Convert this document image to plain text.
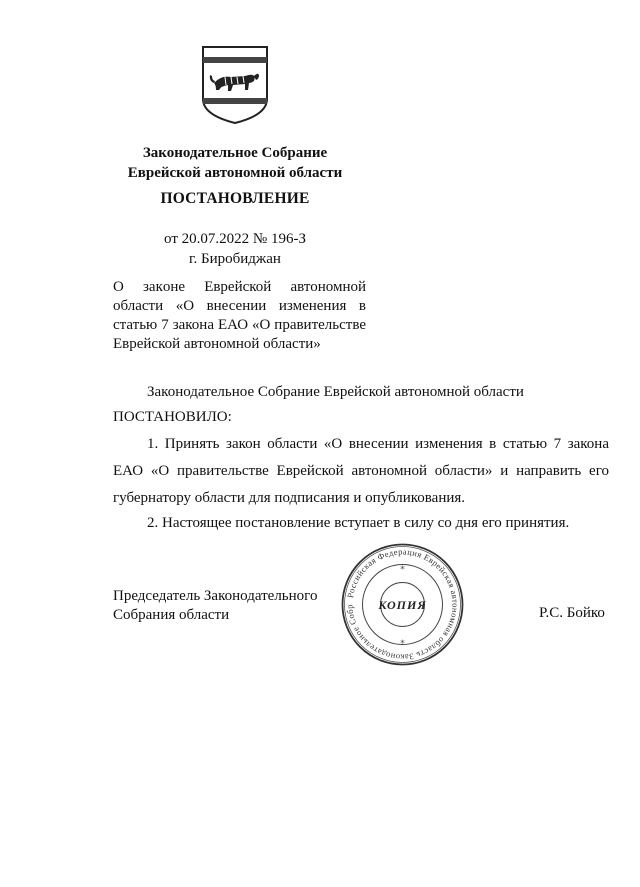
Законодательное Собрание
Еврейской автономной области
ПОСТАНОВЛЕНИЕ
от 20.07.2022 № 196-З
г. Биробиджан
О закoне Еврейской автономной
области «О внесении изменения в
статью 7 закона ЕАО «О правительстве
Еврейской автономной области»
Законодательное Собрание Еврейской автономной области
ПОСТАНОВИЛО:
1. Принять закон области «О внесении изменения в статью 7 закона
ЕАО «О правительстве Еврейской автономной области» и направить его
губернатору области для подписания и опубликования.
2. Настоящее постановление вступает в силу со дня его принятия.
Председатель Законодательного
Собрания области
Российская Федерация Еврейская автономная область Законодательное Собр	КОПИЯ
*
*
Р.С. Бойко
